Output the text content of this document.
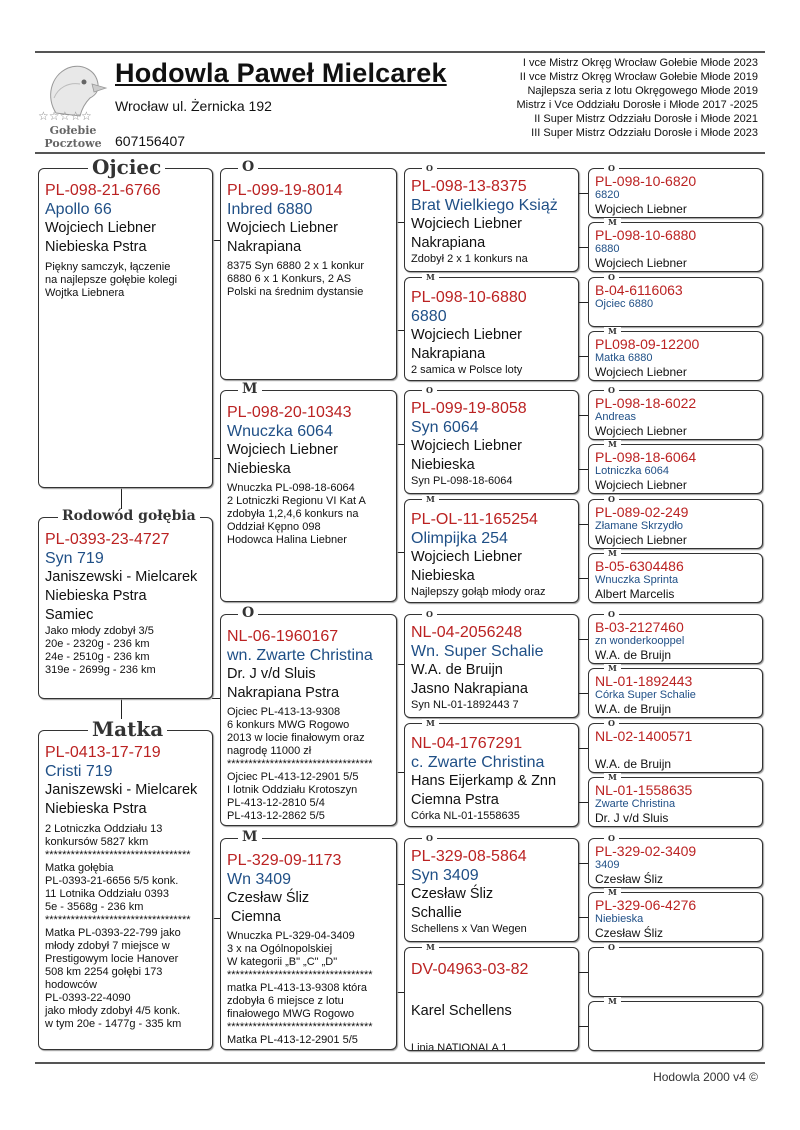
☆☆☆☆☆
Gołebie
Pocztowe
Hodowla Paweł Mielcarek
Wrocław ul. Żernicka 192
607156407
I vce Mistrz Okręg Wrocław Gołebie Młode 2023
II vce Mistrz Okręg Wrocław Gołebie Młode 2019
Najlepsza seria z lotu Okręgowego Młode 2019
Mistrz i Vce Oddziału Dorosłe i Młode 2017 -2025
II Super Mistrz Odzziału Dorosłe i Młode 2021
III Super Mistrz Odzziału Dorosłe i Młode 2023
PL-098-21-6766
Apollo 66
Wojciech Liebner
Niebieska Pstra
Piękny samczyk, łączenie
na najlepsze gołębie kolegi
Wojtka Liebnera
Ojciec
PL-0393-23-4727
Syn 719
Janiszewski - Mielcarek
Niebieska Pstra
Samiec
Jako młody zdobył 3/5
20e - 2320g - 236 km
24e - 2510g - 236 km
319e - 2699g - 236 km
Rodowód gołębia
PL-0413-17-719
Cristi 719
Janiszewski - Mielcarek
Niebieska Pstra
2 Lotniczka Oddziału 13
konkursów 5827 kkm
**********************************
Matka gołębia
PL-0393-21-6656 5/5 konk.
11 Lotnika Oddziału 0393
5e - 3568g - 236 km
**********************************
Matka PL-0393-22-799 jako
młody zdobył 7 miejsce w
Prestigowym locie Hanover
508 km 2254 gołębi 173
hodowców
PL-0393-22-4090
jako młody zdobył 4/5 konk.
w tym 20e - 1477g - 335 km
Matka
PL-099-19-8014
Inbred 6880
Wojciech Liebner
Nakrapiana
8375 Syn 6880 2 x 1 konkur
6880 6 x 1 Konkurs, 2 AS
Polski na średnim dystansie
O
PL-098-20-10343
Wnuczka 6064
Wojciech Liebner
Niebieska
Wnuczka PL-098-18-6064
2 Lotniczki Regionu VI Kat A
zdobyła 1,2,4,6 konkurs na
Oddział Kępno 098
Hodowca Halina Liebner
M
NL-06-1960167
wn. Zwarte Christina
Dr. J v/d Sluis
Nakrapiana Pstra
Ojciec PL-413-13-9308
6 konkurs MWG Rogowo
2013 w locie finałowym oraz
nagrodę 11000 zł
**********************************
Ojciec PL-413-12-2901 5/5
I lotnik Oddziału Krotoszyn
PL-413-12-2810 5/4
PL-413-12-2862 5/5
O
PL-329-09-1173
Wn 3409
Czesław Śliz
Ciemna
Wnuczka PL-329-04-3409
3 x na Ogólnopolskiej
W kategorii „B" „C" „D"
**********************************
matka PL-413-13-9308 która
zdobyła 6 miejsce z lotu
finałowego MWG Rogowo
**********************************
Matka PL-413-12-2901 5/5
M
PL-098-13-8375
Brat Wielkiego Książ
Wojciech Liebner
Nakrapiana
Zdobył 2 x 1 konkurs na
O
PL-098-10-6880
6880
Wojciech Liebner
Nakrapiana
2 samica w Polsce loty
M
PL-099-19-8058
Syn 6064
Wojciech Liebner
Niebieska
Syn PL-098-18-6064
O
PL-OL-11-165254
Olimpijka 254
Wojciech Liebner
Niebieska
Najlepszy gołąb młody oraz
M
NL-04-2056248
Wn. Super Schalie
W.A. de Bruijn
Jasno Nakrapiana
Syn NL-01-1892443 7
O
NL-04-1767291
c. Zwarte Christina
Hans Eijerkamp & Znn
Ciemna Pstra
Córka NL-01-1558635
M
PL-329-08-5864
Syn 3409
Czesław Śliz
Schallie
Schellens x Van Wegen
O
DV-04963-03-82
Karel Schellens
Linia NATIONALA 1
M
PL-098-10-6820
6820
Wojciech Liebner
O
PL-098-10-6880
6880
Wojciech Liebner
M
B-04-6116063
Ojciec 6880
O
PL098-09-12200
Matka 6880
Wojciech Liebner
M
PL-098-18-6022
Andreas
Wojciech Liebner
O
PL-098-18-6064
Lotniczka 6064
Wojciech Liebner
M
PL-089-02-249
Złamane Skrzydło
Wojciech Liebner
O
B-05-6304486
Wnuczka Sprinta
Albert Marcelis
M
B-03-2127460
zn wonderkooppel
W.A. de Bruijn
O
NL-01-1892443
Córka Super Schalie
W.A. de Bruijn
M
NL-02-1400571
W.A. de Bruijn
O
NL-01-1558635
Zwarte Christina
Dr. J v/d Sluis
M
PL-329-02-3409
3409
Czesław Śliz
O
PL-329-06-4276
Niebieska
Czesław Śliz
M
O
M
Hodowla 2000 v4 ©
